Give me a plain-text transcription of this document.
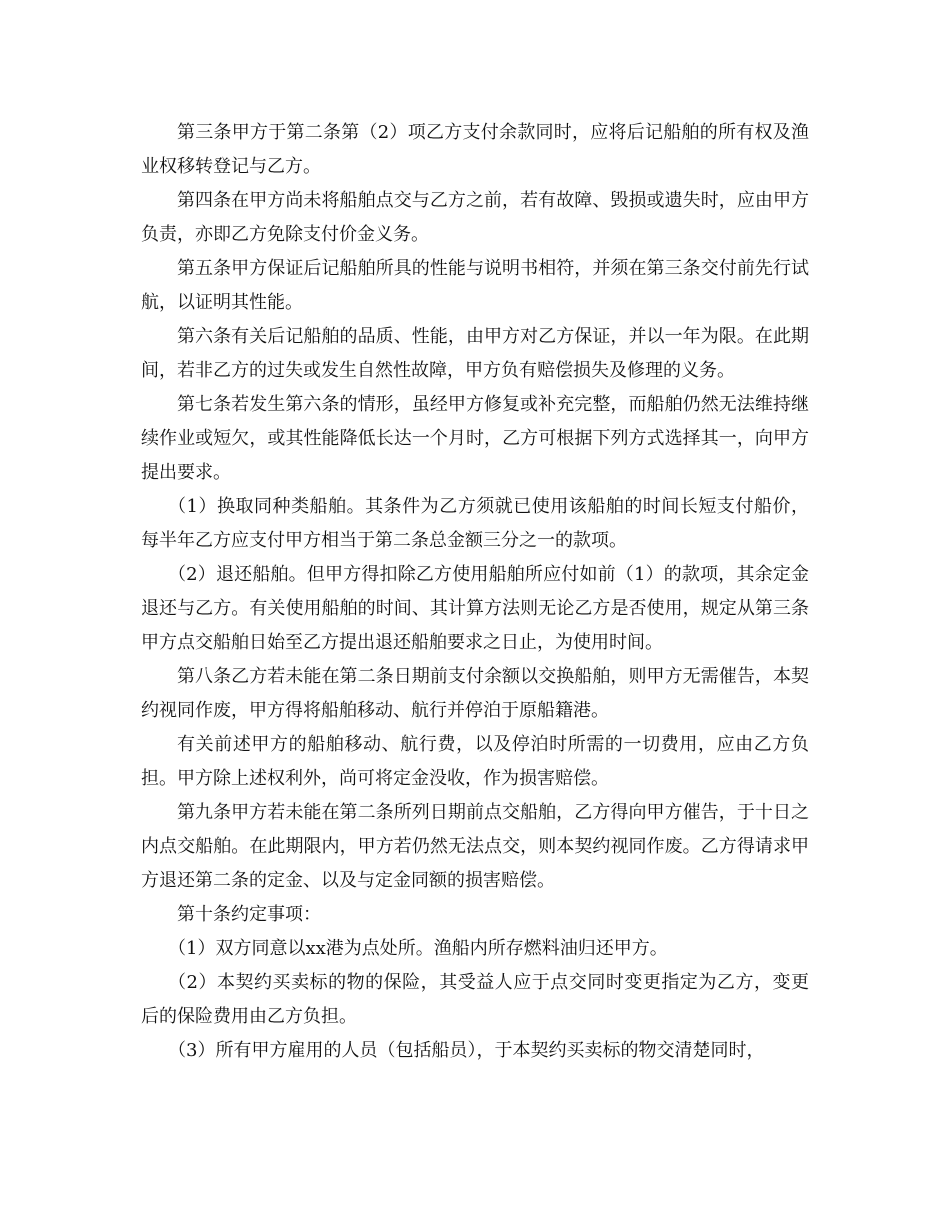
第三条甲方于第二条第（2）项乙方支付余款同时，应将后记船舶的所有权及渔业权移转登记与乙方。

第四条在甲方尚未将船舶点交与乙方之前，若有故障、毁损或遗失时，应由甲方负责，亦即乙方免除支付价金义务。

第五条甲方保证后记船舶所具的性能与说明书相符，并须在第三条交付前先行试航，以证明其性能。

第六条有关后记船舶的品质、性能，由甲方对乙方保证，并以一年为限。在此期间，若非乙方的过失或发生自然性故障，甲方负有赔偿损失及修理的义务。

第七条若发生第六条的情形，虽经甲方修复或补充完整，而船舶仍然无法维持继续作业或短欠，或其性能降低长达一个月时，乙方可根据下列方式选择其一，向甲方提出要求。

（1）换取同种类船舶。其条件为乙方须就已使用该船舶的时间长短支付船价，每半年乙方应支付甲方相当于第二条总金额三分之一的款项。

（2）退还船舶。但甲方得扣除乙方使用船舶所应付如前（1）的款项，其余定金退还与乙方。有关使用船舶的时间、其计算方法则无论乙方是否使用，规定从第三条甲方点交船舶日始至乙方提出退还船舶要求之日止，为使用时间。

第八条乙方若未能在第二条日期前支付余额以交换船舶，则甲方无需催告，本契约视同作废，甲方得将船舶移动、航行并停泊于原船籍港。

有关前述甲方的船舶移动、航行费，以及停泊时所需的一切费用，应由乙方负担。甲方除上述权利外，尚可将定金没收，作为损害赔偿。

第九条甲方若未能在第二条所列日期前点交船舶，乙方得向甲方催告，于十日之内点交船舶。在此期限内，甲方若仍然无法点交，则本契约视同作废。乙方得请求甲方退还第二条的定金、以及与定金同额的损害赔偿。

第十条约定事项：

（1）双方同意以xx港为点处所。渔船内所存燃料油归还甲方。

（2）本契约买卖标的物的保险，其受益人应于点交同时变更指定为乙方，变更后的保险费用由乙方负担。

（3）所有甲方雇用的人员（包括船员），于本契约买卖标的物交清楚同时，
